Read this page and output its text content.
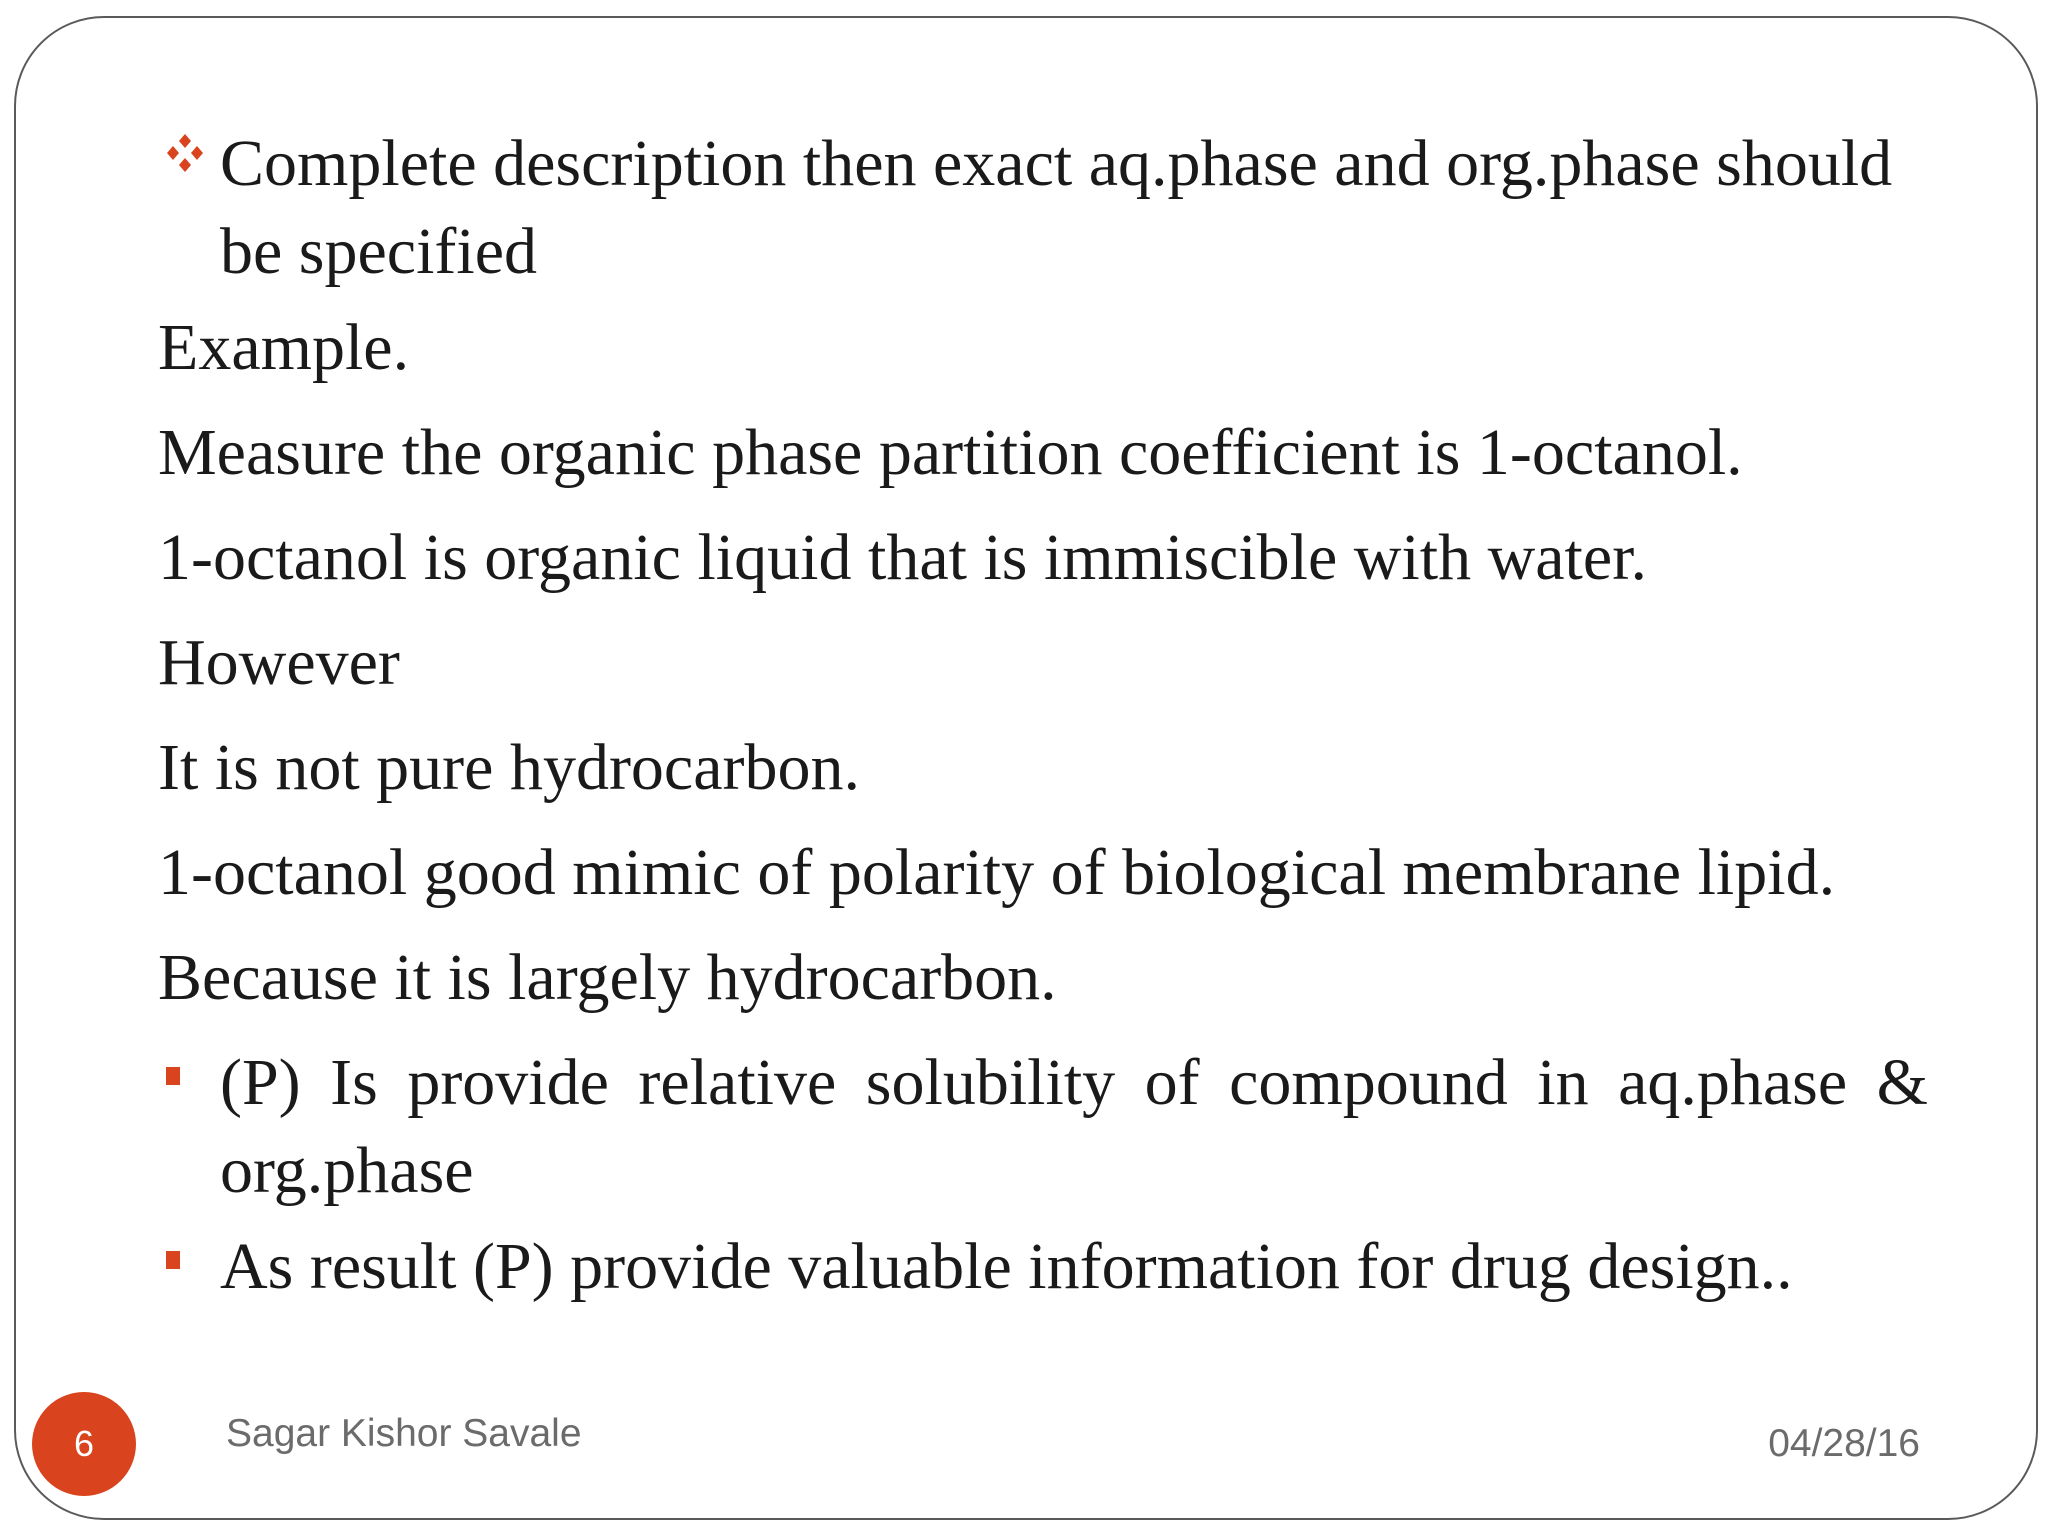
Complete description then exact aq.phase and org.phase should be specified
Example.
Measure the organic phase partition coefficient is 1-octanol.
1-octanol is organic liquid that is immiscible with water.
However
It is not pure hydrocarbon.
1-octanol good mimic of polarity of biological membrane lipid.
Because it is largely hydrocarbon.
(P) Is provide relative solubility of compound in aq.phase & org.phase
As result (P) provide valuable information for drug design..
6	Sagar Kishor Savale	04/28/16
